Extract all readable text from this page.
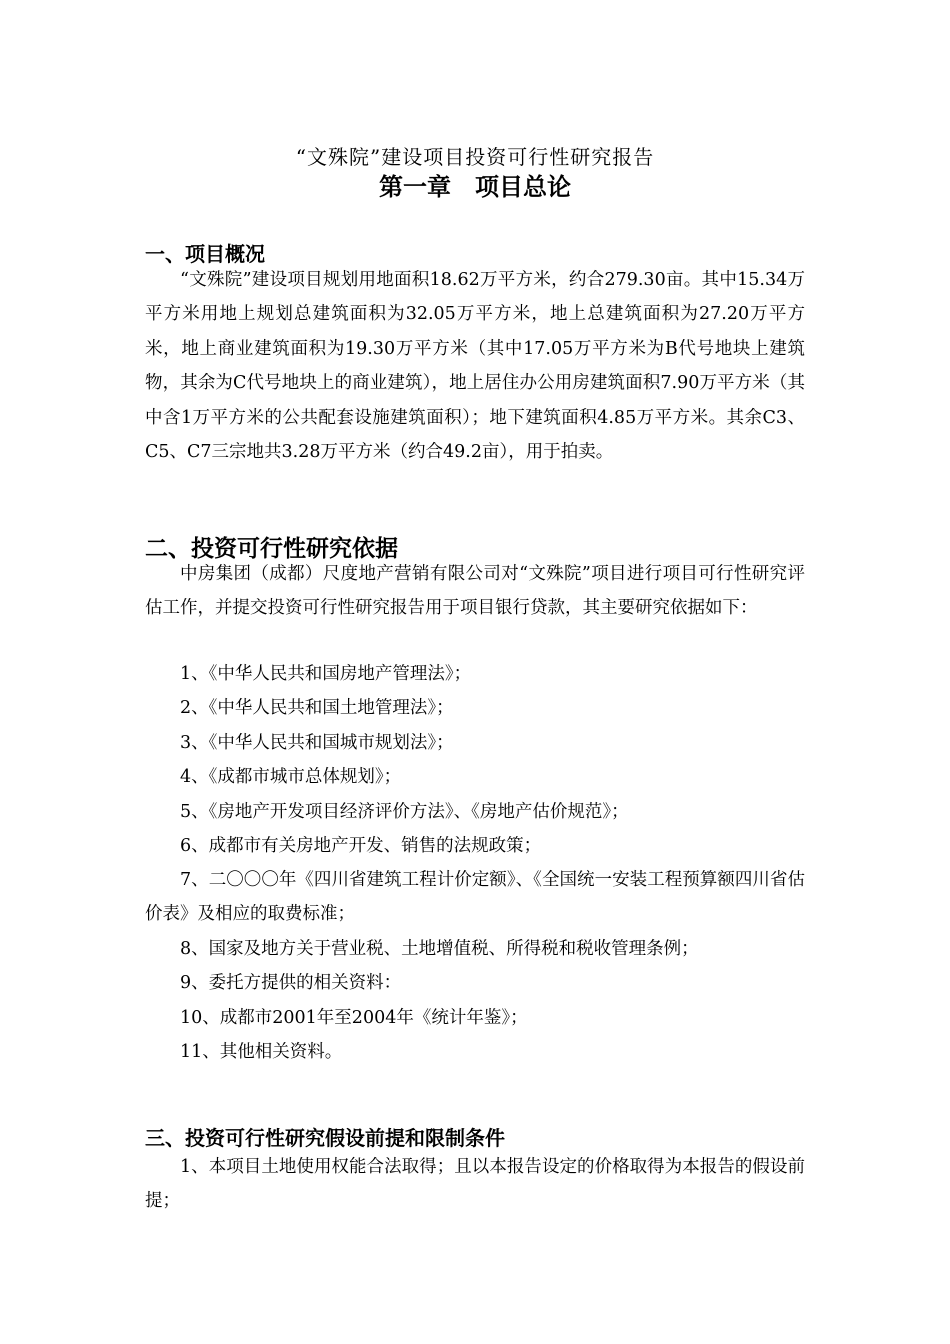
“文殊院”建设项目投资可行性研究报告
第一章　项目总论
一、项目概况

“文殊院”建设项目规划用地面积18.62万平方米，约合279.30亩。其中15.34万平方米用地上规划总建筑面积为32.05万平方米，地上总建筑面积为27.20万平方米，地上商业建筑面积为19.30万平方米（其中17.05万平方米为B代号地块上建筑物，其余为C代号地块上的商业建筑），地上居住办公用房建筑面积7.90万平方米（其中含1万平方米的公共配套设施建筑面积）；地下建筑面积4.85万平方米。其余C3、C5、C7三宗地共3.28万平方米（约合49.2亩），用于拍卖。

二、投资可行性研究依据

中房集团（成都）尺度地产营销有限公司对“文殊院”项目进行项目可行性研究评估工作，并提交投资可行性研究报告用于项目银行贷款，其主要研究依据如下：

1、《中华人民共和国房地产管理法》；

2、《中华人民共和国土地管理法》；

3、《中华人民共和国城市规划法》；

4、《成都市城市总体规划》；

5、《房地产开发项目经济评价方法》、《房地产估价规范》；

6、成都市有关房地产开发、销售的法规政策；

7、二〇〇〇年《四川省建筑工程计价定额》、《全国统一安装工程预算额四川省估价表》及相应的取费标准；

8、国家及地方关于营业税、土地增值税、所得税和税收管理条例；

9、委托方提供的相关资料：

10、成都市2001年至2004年《统计年鉴》；

11、其他相关资料。

三、投资可行性研究假设前提和限制条件

1、本项目土地使用权能合法取得；且以本报告设定的价格取得为本报告的假设前提；
